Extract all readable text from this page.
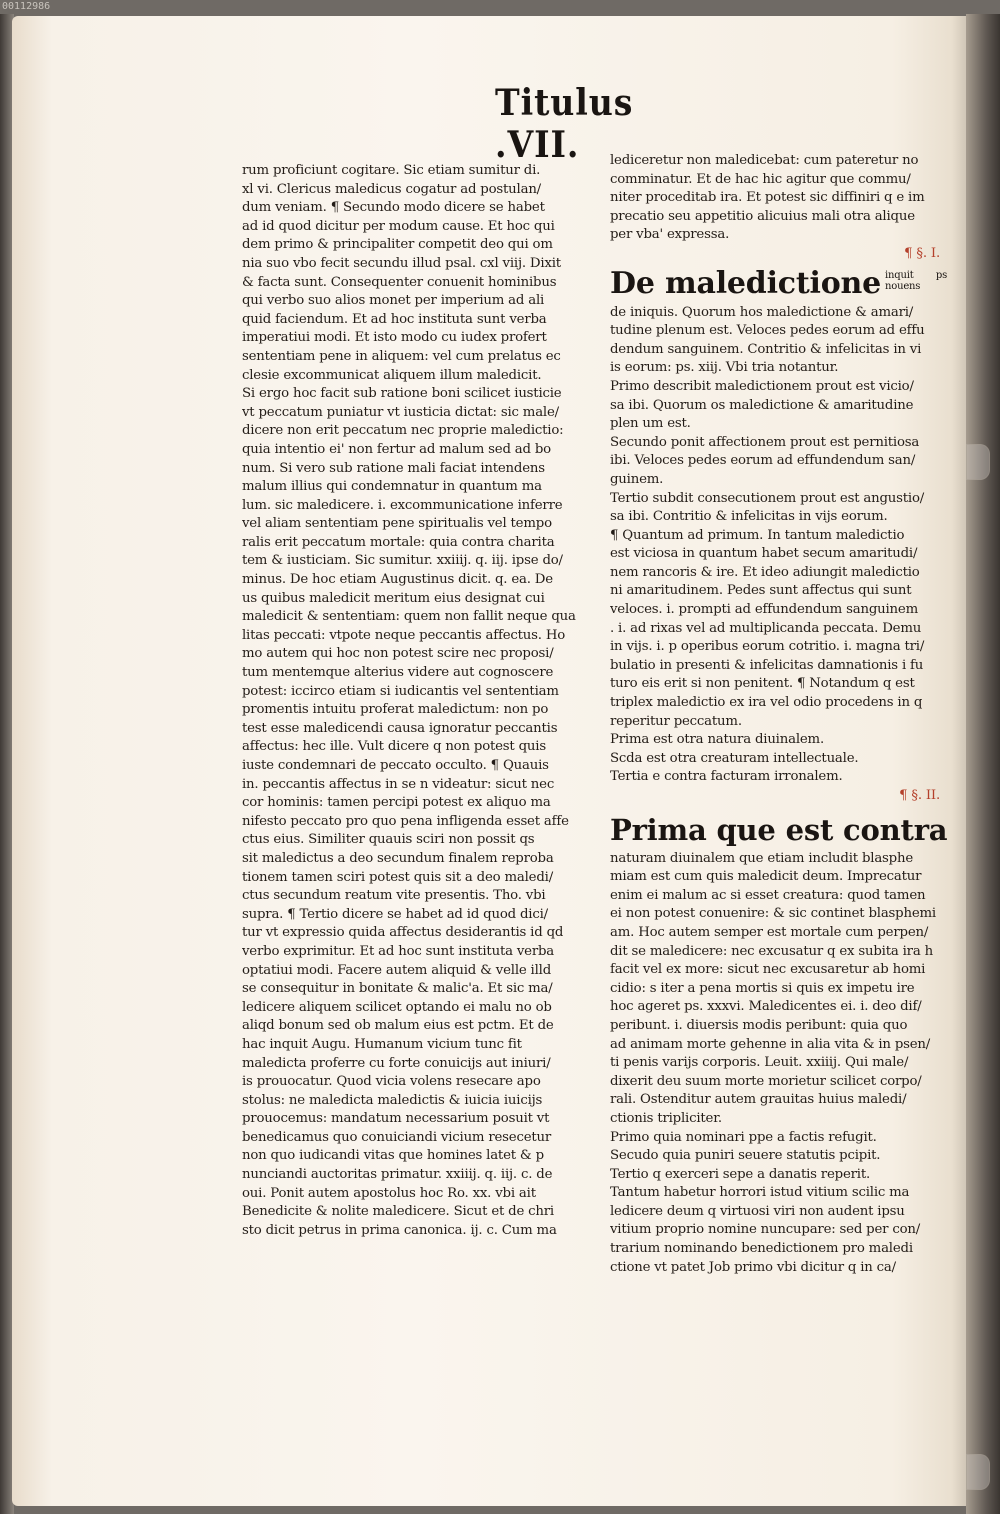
00112986
Titulus .VII.
rum proficiunt cogitare. Sic etiam sumitur di.
xl vi. Clericus maledicus cogatur ad postulan/
dum veniam. ¶ Secundo modo dicere se habet
ad id quod dicitur per modum cause. Et hoc qui
dem primo & principaliter competit deo qui om
nia suo vbo fecit secundu illud psal. cxl viij. Dixit
& facta sunt. Consequenter conuenit hominibus
qui verbo suo alios monet per imperium ad ali
quid faciendum. Et ad hoc instituta sunt verba
imperatiui modi. Et isto modo cu iudex profert
sententiam pene in aliquem: vel cum prelatus ec
clesie excommunicat aliquem illum maledicit.
Si ergo hoc facit sub ratione boni scilicet iusticie
vt peccatum puniatur vt iusticia dictat: sic male/
dicere non erit peccatum nec proprie maledictio:
quia intentio ei' non fertur ad malum sed ad bo
num. Si vero sub ratione mali faciat intendens
malum illius qui condemnatur in quantum ma
lum. sic maledicere. i. excommunicatione inferre
vel aliam sententiam pene spiritualis vel tempo
ralis erit peccatum mortale: quia contra charita
tem & iusticiam. Sic sumitur. xxiiij. q. iij. ipse do/
minus. De hoc etiam Augustinus dicit. q. ea. De
us quibus maledicit meritum eius designat cui
maledicit & sententiam: quem non fallit neque qua
litas peccati: vtpote neque peccantis affectus. Ho
mo autem qui hoc non potest scire nec proposi/
tum mentemque alterius videre aut cognoscere
potest: iccirco etiam si iudicantis vel sententiam
promentis intuitu proferat maledictum: non po
test esse maledicendi causa ignoratur peccantis
affectus: hec ille. Vult dicere q non potest quis
iuste condemnari de peccato occulto. ¶ Quauis
in. peccantis affectus in se n videatur: sicut nec
cor hominis: tamen percipi potest ex aliquo ma
nifesto peccato pro quo pena infligenda esset affe
ctus eius. Similiter quauis sciri non possit qs
sit maledictus a deo secundum finalem reproba
tionem tamen sciri potest quis sit a deo maledi/
ctus secundum reatum vite presentis. Tho. vbi
supra. ¶ Tertio dicere se habet ad id quod dici/
tur vt expressio quida affectus desiderantis id qd
verbo exprimitur. Et ad hoc sunt instituta verba
optatiui modi. Facere autem aliquid & velle illd
se consequitur in bonitate & malic'a. Et sic ma/
ledicere aliquem scilicet optando ei malu no ob
aliqd bonum sed ob malum eius est pctm. Et de
hac inquit Augu. Humanum vicium tunc fit
maledicta proferre cu forte conuicijs aut iniuri/
is prouocatur. Quod vicia volens resecare apo
stolus: ne maledicta maledictis & iuicia iuicijs
prouocemus: mandatum necessarium posuit vt
benedicamus quo conuiciandi vicium resecetur
non quo iudicandi vitas que homines latet & p
nunciandi auctoritas primatur. xxiiij. q. iij. c. de
oui. Ponit autem apostolus hoc Ro. xx. vbi ait
Benedicite & nolite maledicere. Sicut et de chri
sto dicit petrus in prima canonica. ij. c. Cum ma
lediceretur non maledicebat: cum pateretur no
comminatur. Et de hac hic agitur que commu/
niter proceditab ira. Et potest sic diffiniri q e im
precatio seu appetitio alicuius mali otra alique
per vba' expressa.
¶ §. I.
De maledictione inquit ps nouens
de iniquis. Quorum hos maledictione & amari/
tudine plenum est. Veloces pedes eorum ad effu
dendum sanguinem. Contritio & infelicitas in vi
is eorum: ps. xiij. Vbi tria notantur.
Primo describit maledictionem prout est vicio/
sa ibi. Quorum os maledictione & amaritudine
plen um est.
Secundo ponit affectionem prout est pernitiosa
ibi. Veloces pedes eorum ad effundendum san/
guinem.
Tertio subdit consecutionem prout est angustio/
sa ibi. Contritio & infelicitas in vijs eorum.
¶ Quantum ad primum. In tantum maledictio
est viciosa in quantum habet secum amaritudi/
nem rancoris & ire. Et ideo adiungit maledictio
ni amaritudinem. Pedes sunt affectus qui sunt
veloces. i. prompti ad effundendum sanguinem
. i. ad rixas vel ad multiplicanda peccata. Demu
in vijs. i. p operibus eorum cotritio. i. magna tri/
bulatio in presenti & infelicitas damnationis i fu
turo eis erit si non penitent. ¶ Notandum q est
triplex maledictio ex ira vel odio procedens in q
reperitur peccatum.
Prima est otra natura diuinalem.
Scda est otra creaturam intellectuale.
Tertia e contra facturam irronalem.
¶ §. II.
Prima que est contra
naturam diuinalem que etiam includit blasphe
miam est cum quis maledicit deum. Imprecatur
enim ei malum ac si esset creatura: quod tamen
ei non potest conuenire: & sic continet blasphemi
am. Hoc autem semper est mortale cum perpen/
dit se maledicere: nec excusatur q ex subita ira h
facit vel ex more: sicut nec excusaretur ab homi
cidio: s iter a pena mortis si quis ex impetu ire
hoc ageret ps. xxxvi. Maledicentes ei. i. deo dif/
peribunt. i. diuersis modis peribunt: quia quo
ad animam morte gehenne in alia vita & in psen/
ti penis varijs corporis. Leuit. xxiiij. Qui male/
dixerit deu suum morte morietur scilicet corpo/
rali. Ostenditur autem grauitas huius maledi/
ctionis tripliciter.
Primo quia nominari ppe a factis refugit.
Secudo quia puniri seuere statutis pcipit.
Tertio q exerceri sepe a danatis reperit.
Tantum habetur horrori istud vitium scilic ma
ledicere deum q virtuosi viri non audent ipsu
vitium proprio nomine nuncupare: sed per con/
trarium nominando benedictionem pro maledi
ctione vt patet Job primo vbi dicitur q in ca/
